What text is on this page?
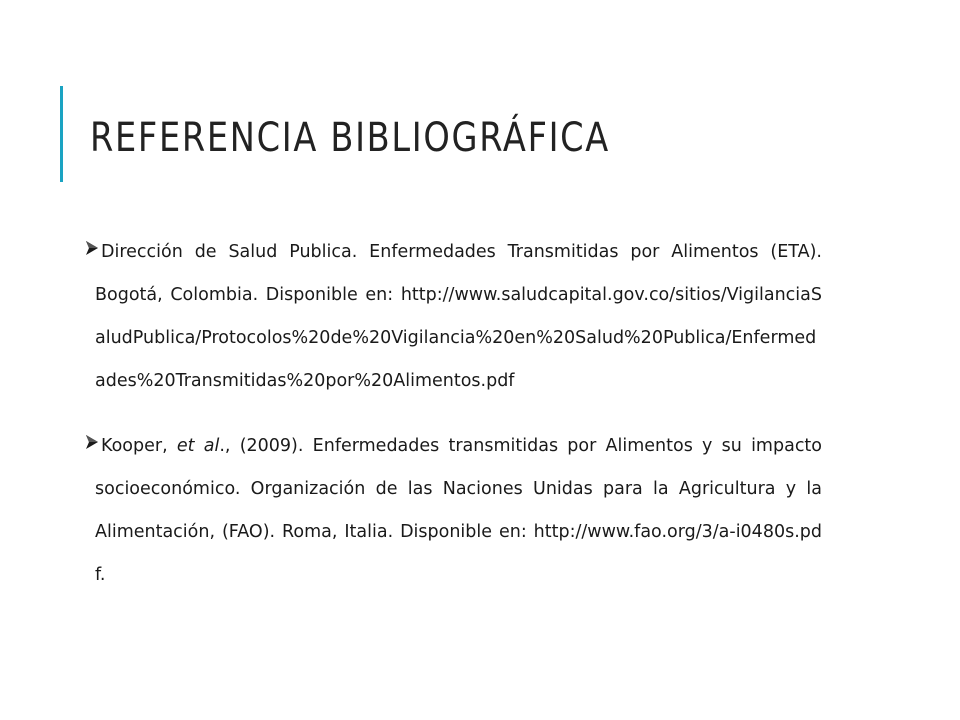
REFERENCIA BIBLIOGRÁFICA
Dirección de Salud Publica. Enfermedades Transmitidas por Alimentos (ETA). Bogotá, Colombia. Disponible en: http://www.saludcapital.gov.co/sitios/VigilanciaSaludPublica/Protocolos%20de%20Vigilancia%20en%20Salud%20Publica/Enfermedades%20Transmitidas%20por%20Alimentos.pdf
Kooper, et al., (2009). Enfermedades transmitidas por Alimentos y su impacto socioeconómico. Organización de las Naciones Unidas para la Agricultura y la Alimentación, (FAO). Roma, Italia. Disponible en: http://www.fao.org/3/a-i0480s.pdf.
